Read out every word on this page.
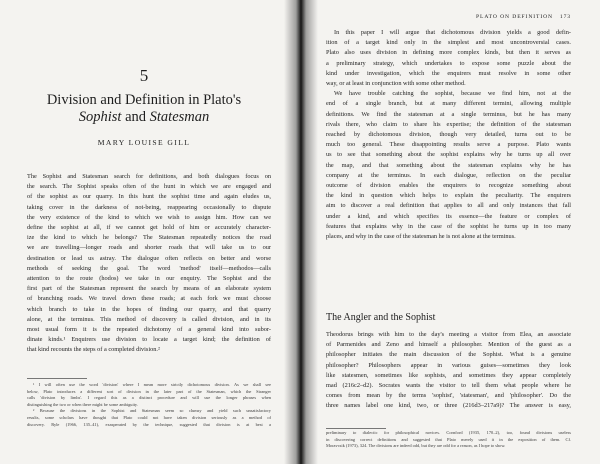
5
Division and Definition in Plato's
Sophist and Statesman
MARY LOUISE GILL
The Sophist and Statesman search for definitions, and both dialogues focus on
the search. The Sophist speaks often of the hunt in which we are engaged and
of the sophist as our quarry. In this hunt the sophist time and again eludes us,
taking cover in the darkness of not-being, reappearing occasionally to dispute
the very existence of the kind to which we wish to assign him. How can we
define the sophist at all, if we cannot get hold of him or accurately character-
ize the kind to which he belongs? The Statesman repeatedly notices the road
we are travelling—longer roads and shorter roads that will take us to our
destination or lead us astray. The dialogue often reflects on better and worse
methods of seeking the goal. The word 'method' itself—methodos—calls
attention to the route (hodos) we take in our enquiry. The Sophist and the
first part of the Statesman represent the search by means of an elaborate system
of branching roads. We travel down these roads; at each fork we must choose
which branch to take in the hopes of finding our quarry, and that quarry
alone, at the terminus. This method of discovery is called division, and in its
most usual form it is the repeated dichotomy of a general kind into subor-
dinate kinds.¹ Enquirers use division to locate a target kind; the definition of
that kind recounts the steps of a completed division.²
¹ I will often use the word 'division' where I mean more strictly dichotomous division. As we shall see
below, Plato introduces a different sort of division in the later part of the Statesman, which the Stranger
calls 'division by limbs'. I regard this as a distinct procedure and will use the longer phrases when
distinguishing the two or when there might be some ambiguity.
² Because the divisions in the Sophist and Statesman seem so clumsy and yield such unsatisfactory
results, some scholars have thought that Plato could not have taken division seriously as a method of
discovery. Ryle (1966, 135–41), exasperated by the technique, suggested that division is at best a
PLATO ON DEFINITION 173
In this paper I will argue that dichotomous division yields a good defin-
ition of a target kind only in the simplest and most uncontroversial cases.
Plato also uses division in defining more complex kinds, but then it serves as
a preliminary strategy, which undertakes to expose some puzzle about the
kind under investigation, which the enquirers must resolve in some other
way, or at least in conjunction with some other method.
We have trouble catching the sophist, because we find him, not at the
end of a single branch, but at many different termini, allowing multiple
definitions. We find the statesman at a single terminus, but he has many
rivals there, who claim to share his expertise; the definition of the statesman
reached by dichotomous division, though very detailed, turns out to be
much too general. These disappointing results serve a purpose. Plato wants
us to see that something about the sophist explains why he turns up all over
the map, and that something about the statesman explains why he has
company at the terminus. In each dialogue, reflection on the peculiar
outcome of division enables the enquirers to recognize something about
the kind in question which helps to explain the peculiarity. The enquirers
aim to discover a real definition that applies to all and only instances that fall
under a kind, and which specifies its essence—the feature or complex of
features that explains why in the case of the sophist he turns up in too many
places, and why in the case of the statesman he is not alone at the terminus.
The Angler and the Sophist
Theodorus brings with him to the day's meeting a visitor from Elea, an associate
of Parmenides and Zeno and himself a philosopher. Mention of the guest as a
philosopher initiates the main discussion of the Sophist. What is a genuine
philosopher? Philosophers appear in various guises—sometimes they look
like statesmen, sometimes like sophists, and sometimes they appear completely
mad (216c2–d2). Socrates wants the visitor to tell them what people where he
comes from mean by the terms 'sophist', 'statesman', and 'philosopher'. Do the
three names label one kind, two, or three (216d3–217a9)? The answer is easy,
preliminary to dialectic for philosophical novices. Cornford (1935, 170–2), too, found divisions useless
in discovering correct definitions and suggested that Plato merely used it in the exposition of them. Cf.
Moravcsik (1973), 324. The divisions are indeed odd, but they are odd for a reason, as I hope to show.
